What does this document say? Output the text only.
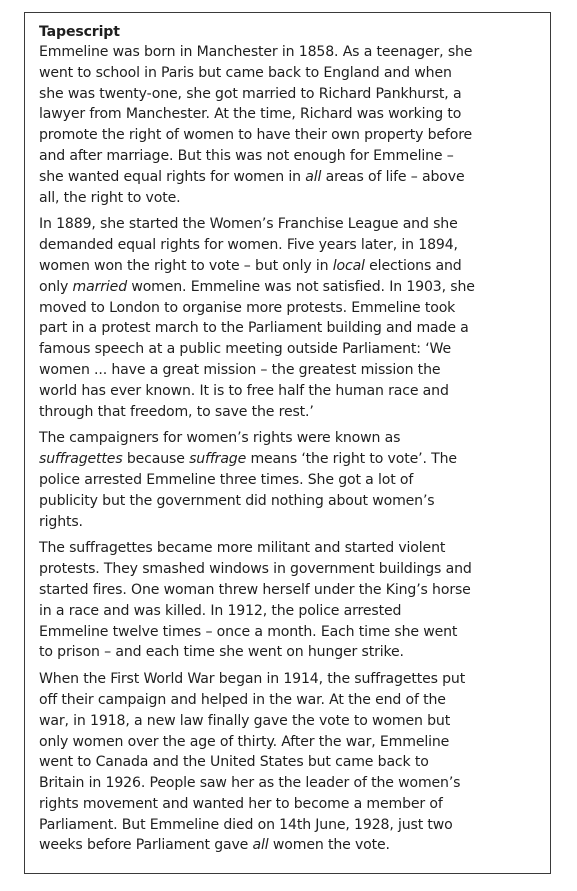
Tapescript

Emmeline was born in Manchester in 1858. As a teenager, she
went to school in Paris but came back to England and when
she was twenty-one, she got married to Richard Pankhurst, a
lawyer from Manchester. At the time, Richard was working to
promote the right of women to have their own property before
and after marriage. But this was not enough for Emmeline –
she wanted equal rights for women in all areas of life – above
all, the right to vote.

In 1889, she started the Women’s Franchise League and she
demanded equal rights for women. Five years later, in 1894,
women won the right to vote – but only in local elections and
only married women. Emmeline was not satisfied. In 1903, she
moved to London to organise more protests. Emmeline took
part in a protest march to the Parliament building and made a
famous speech at a public meeting outside Parliament: ‘We
women ... have a great mission – the greatest mission the
world has ever known. It is to free half the human race and
through that freedom, to save the rest.’

The campaigners for women’s rights were known as
suffragettes because suffrage means ‘the right to vote’. The
police arrested Emmeline three times. She got a lot of
publicity but the government did nothing about women’s
rights.

The suffragettes became more militant and started violent
protests. They smashed windows in government buildings and
started fires. One woman threw herself under the King’s horse
in a race and was killed. In 1912, the police arrested
Emmeline twelve times – once a month. Each time she went
to prison – and each time she went on hunger strike.

When the First World War began in 1914, the suffragettes put
off their campaign and helped in the war. At the end of the
war, in 1918, a new law finally gave the vote to women but
only women over the age of thirty. After the war, Emmeline
went to Canada and the United States but came back to
Britain in 1926. People saw her as the leader of the women’s
rights movement and wanted her to become a member of
Parliament. But Emmeline died on 14th June, 1928, just two
weeks before Parliament gave all women the vote.
